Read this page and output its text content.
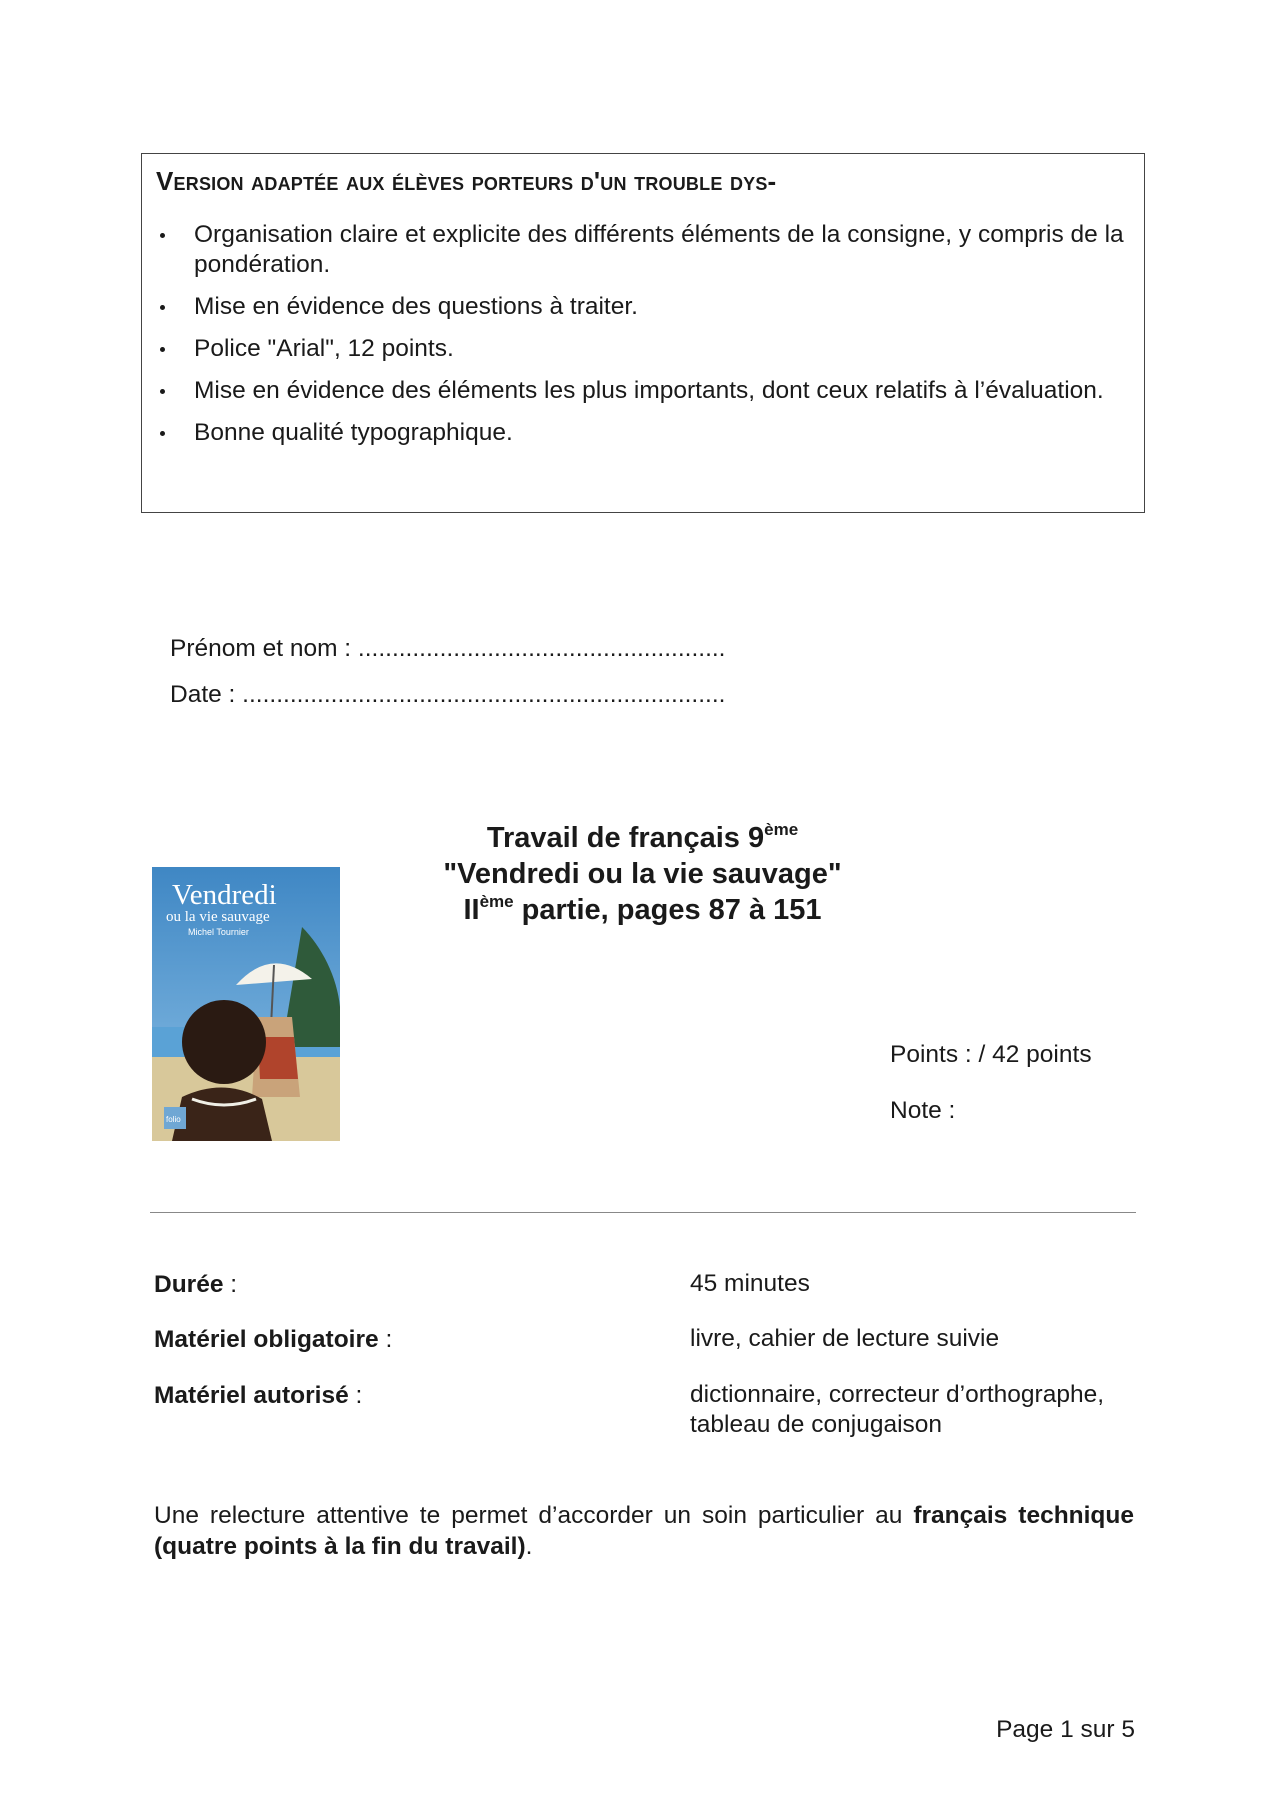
Version adaptée aux élèves porteurs d'un trouble dys-
Organisation claire et explicite des différents éléments de la consigne, y compris de la pondération.
Mise en évidence des questions à traiter.
Police "Arial", 12 points.
Mise en évidence des éléments les plus importants, dont ceux relatifs à l’évaluation.
Bonne qualité typographique.
Prénom et nom : ......................................................
Date : .......................................................................
Travail de français 9ème
"Vendredi ou la vie sauvage"
IIème partie, pages 87 à 151
Vendredi
ou la vie sauvage
Michel Tournier
folio
Points : / 42 points
Note :
Durée :	45 minutes
Matériel obligatoire :	livre, cahier de lecture suivie
Matériel autorisé :	dictionnaire, correcteur d’orthographe, tableau de conjugaison
Une relecture attentive te permet d’accorder un soin particulier au français technique (quatre points à la fin du travail).
Page 1 sur 5
